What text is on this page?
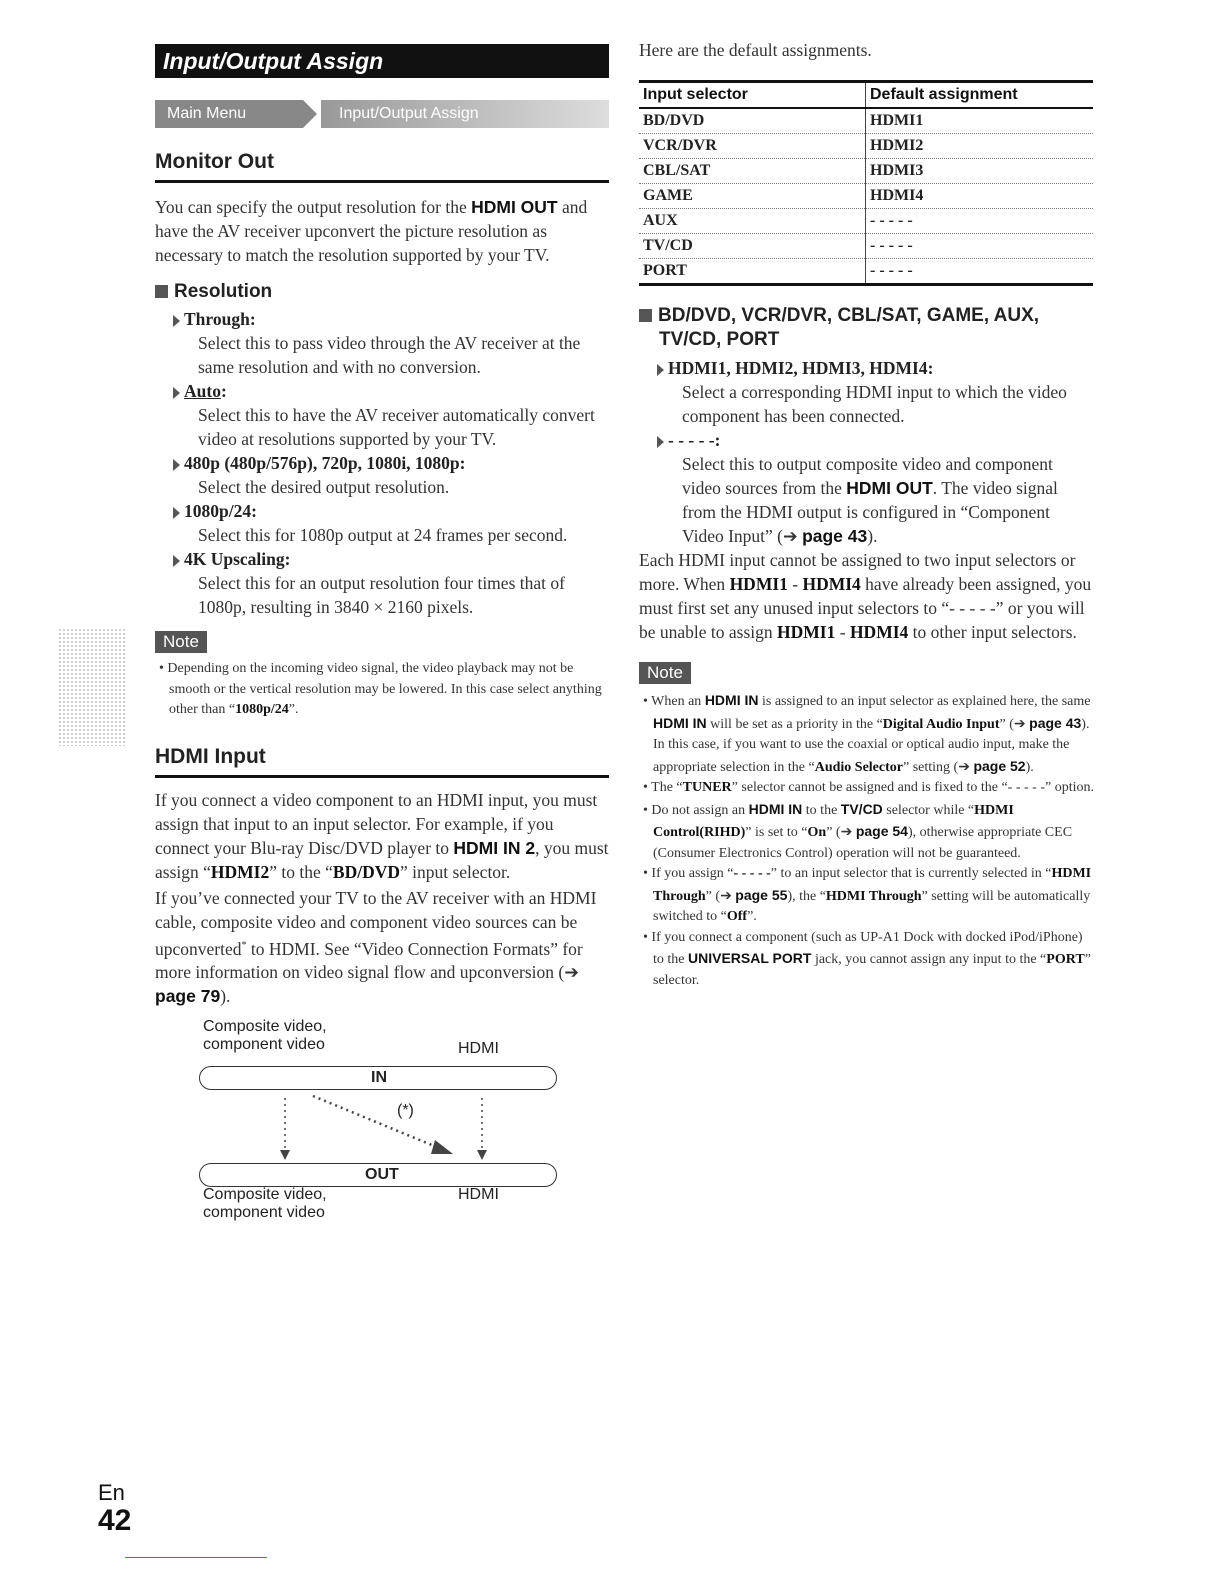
Input/Output Assign
Main Menu	Input/Output Assign
Monitor Out

You can specify the output resolution for the HDMI OUT and have the AV receiver upconvert the picture resolution as necessary to match the resolution supported by your TV.

Resolution
Through:
Select this to pass video through the AV receiver at the same resolution and with no conversion.
Auto:
Select this to have the AV receiver automatically convert video at resolutions supported by your TV.
480p (480p/576p), 720p, 1080i, 1080p:
Select the desired output resolution.
1080p/24:
Select this for 1080p output at 24 frames per second.
4K Upscaling:
Select this for an output resolution four times that of 1080p, resulting in 3840 × 2160 pixels.
Note
• Depending on the incoming video signal, the video playback may not be smooth or the vertical resolution may be lowered. In this case select anything other than “1080p/24”.
HDMI Input

If you connect a video component to an HDMI input, you must assign that input to an input selector. For example, if you connect your Blu-ray Disc/DVD player to HDMI IN 2, you must assign “HDMI2” to the “BD/DVD” input selector.

If you’ve connected your TV to the AV receiver with an HDMI cable, composite video and component video sources can be upconverted* to HDMI. See “Video Connection Formats” for more information on video signal flow and upconversion (➔ page 79).

Composite video,
component video	HDMI
IN
(*)
OUT
Composite video,
component video
HDMI

Here are the default assignments.

Input selector	Default assignment
BD/DVD	HDMI1
VCR/DVR	HDMI2
CBL/SAT	HDMI3
GAME	HDMI4
AUX	- - - - -
TV/CD	- - - - -
PORT	- - - - -
BD/DVD, VCR/DVR, CBL/SAT, GAME, AUX, TV/CD, PORT
HDMI1, HDMI2, HDMI3, HDMI4:
Select a corresponding HDMI input to which the video component has been connected.
- - - - -:
Select this to output composite video and component video sources from the HDMI OUT. The video signal from the HDMI output is configured in “Component Video Input” (➔ page 43).

Each HDMI input cannot be assigned to two input selectors or more. When HDMI1 - HDMI4 have already been assigned, you must first set any unused input selectors to “- - - - -” or you will be unable to assign HDMI1 - HDMI4 to other input selectors.

Note
• When an HDMI IN is assigned to an input selector as explained here, the same HDMI IN will be set as a priority in the “Digital Audio Input” (➔ page 43). In this case, if you want to use the coaxial or optical audio input, make the appropriate selection in the “Audio Selector” setting (➔ page 52).
• The “TUNER” selector cannot be assigned and is fixed to the “- - - - -” option.
• Do not assign an HDMI IN to the TV/CD selector while “HDMI Control(RIHD)” is set to “On” (➔ page 54), otherwise appropriate CEC (Consumer Electronics Control) operation will not be guaranteed.
• If you assign “- - - - -” to an input selector that is currently selected in “HDMI Through” (➔ page 55), the “HDMI Through” setting will be automatically switched to “Off”.
• If you connect a component (such as UP-A1 Dock with docked iPod/iPhone) to the UNIVERSAL PORT jack, you cannot assign any input to the “PORT” selector.
En
42
